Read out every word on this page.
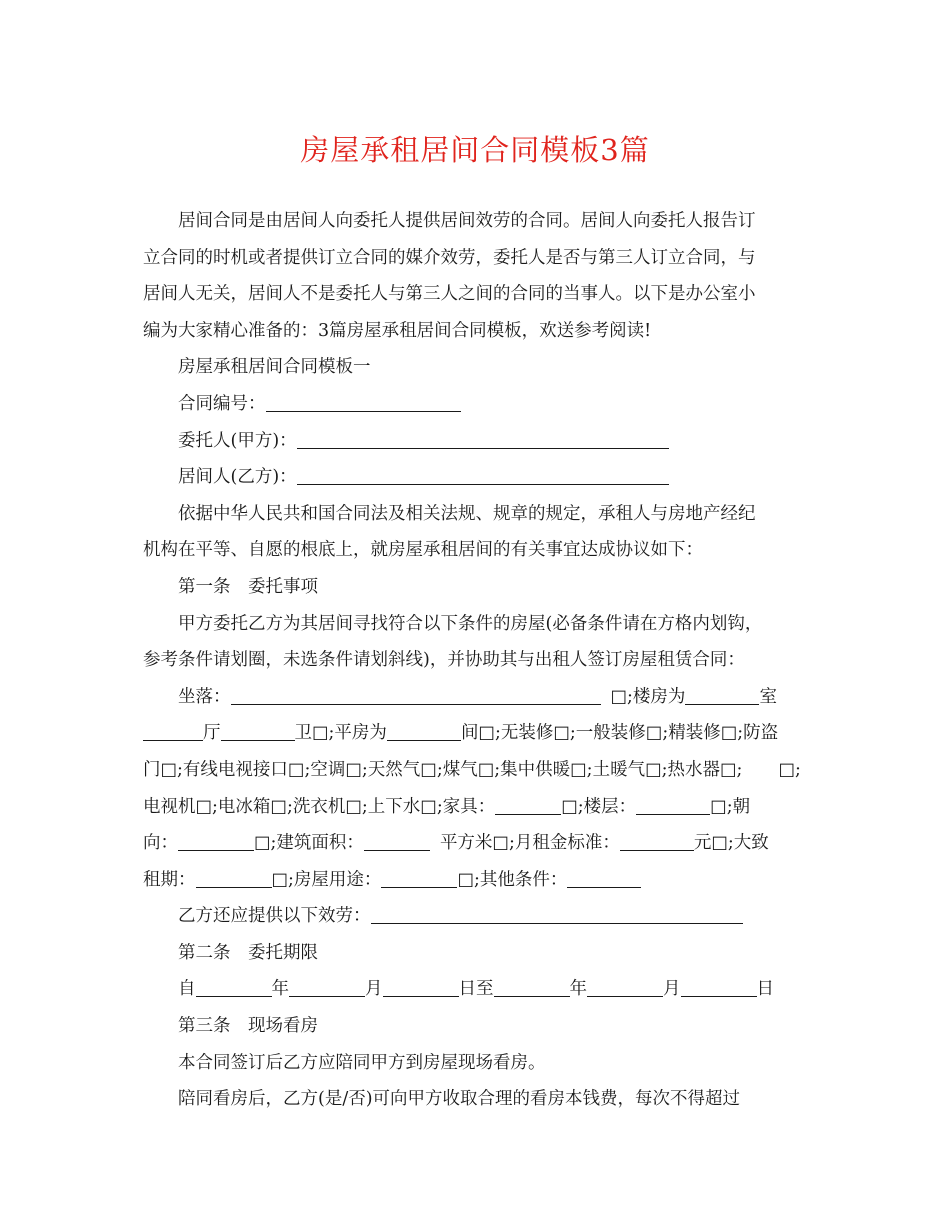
房屋承租居间合同模板3篇

居间合同是由居间人向委托人提供居间效劳的合同。居间人向委托人报告订

立合同的时机或者提供订立合同的媒介效劳，委托人是否与第三人订立合同，与

居间人无关，居间人不是委托人与第三人之间的合同的当事人。以下是办公室小

编为大家精心准备的：3篇房屋承租居间合同模板，欢送参考阅读!

房屋承租居间合同模板一

合同编号：

委托人(甲方)：

居间人(乙方)：

依据中华人民共和国合同法及相关法规、规章的规定，承租人与房地产经纪

机构在平等、自愿的根底上，就房屋承租居间的有关事宜达成协议如下：

第一条　委托事项

甲方委托乙方为其居间寻找符合以下条件的房屋(必备条件请在方格内划钩，

参考条件请划圈，未选条件请划斜线)，并协助其与出租人签订房屋租赁合同：

坐落：	□;楼房为	室

厅	卫□;平房为	间□;无装修□;一般装修□;精装修□;防盗

门□;有线电视接口□;空调□;天然气□;煤气□;集中供暖□;土暖气□;热水器□; □;

电视机□;电冰箱□;洗衣机□;上下水□;家具：	□;楼层：	□;朝

向：	□;建筑面积：	平方米□;月租金标准：	元□;大致

租期：	□;房屋用途：	□;其他条件：

乙方还应提供以下效劳：

第二条　委托期限

自	年	月	日至	年	月	日

第三条　现场看房

本合同签订后乙方应陪同甲方到房屋现场看房。

陪同看房后，乙方(是/否)可向甲方收取合理的看房本钱费，每次不得超过
